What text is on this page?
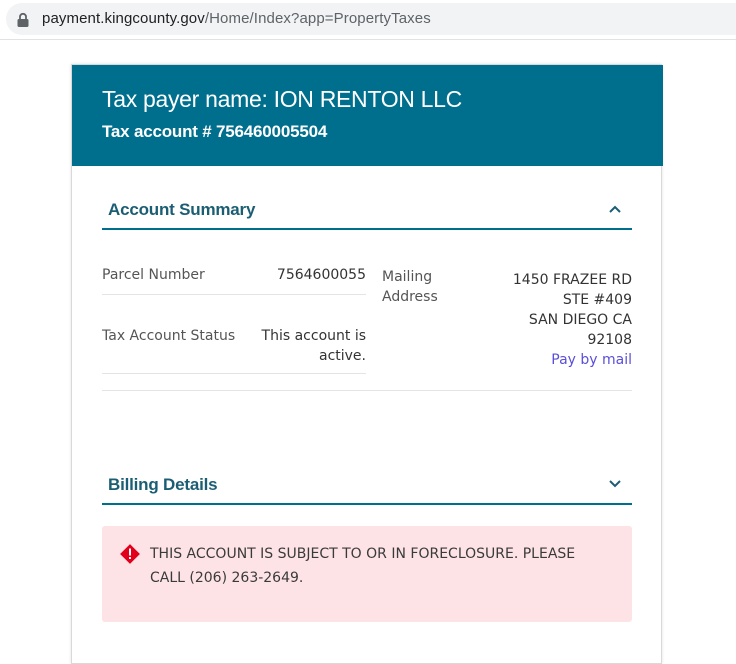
payment.kingcounty.gov/Home/Index?app=PropertyTaxes
Tax payer name: ION RENTON LLC
Tax account # 756460005504
Account Summary
Parcel Number	7564600055
Tax Account Status	This account is
active.
Mailing
Address
1450 FRAZEE RD
STE #409
SAN DIEGO CA
92108
Pay by mail
Billing Details
THIS ACCOUNT IS SUBJECT TO OR IN FORECLOSURE. PLEASE
CALL (206) 263-2649.
